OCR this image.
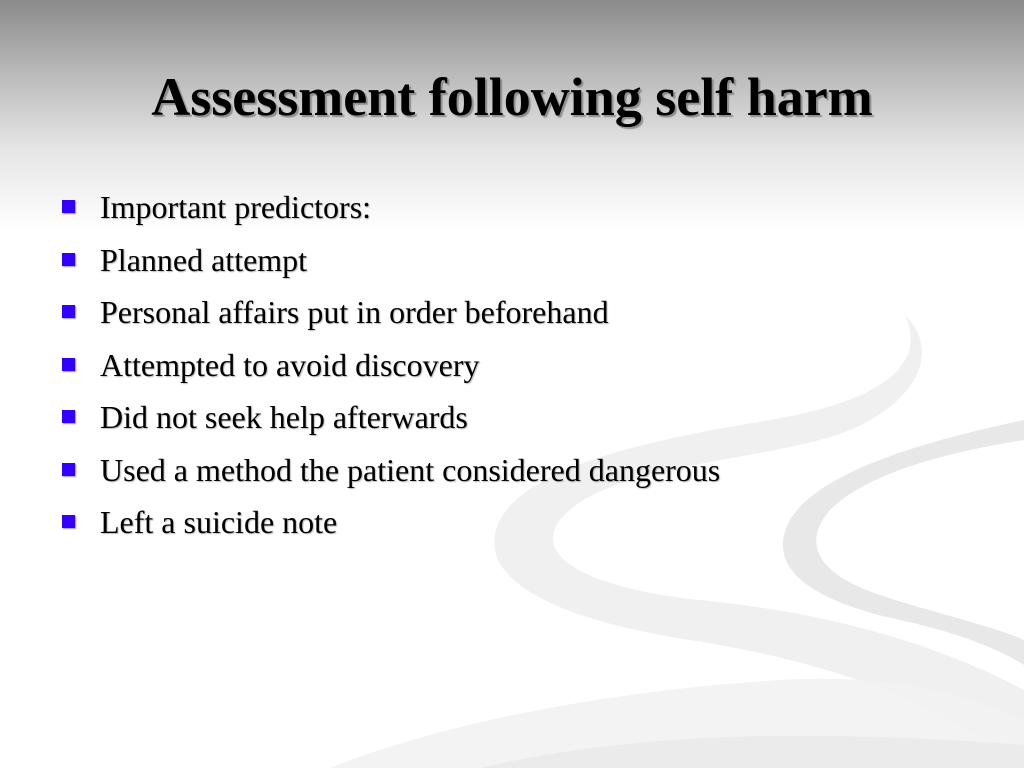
Assessment following self harm
Important predictors:
Planned attempt
Personal affairs put in order beforehand
Attempted to avoid discovery
Did not seek help afterwards
Used a method the patient considered dangerous
Left a suicide note
